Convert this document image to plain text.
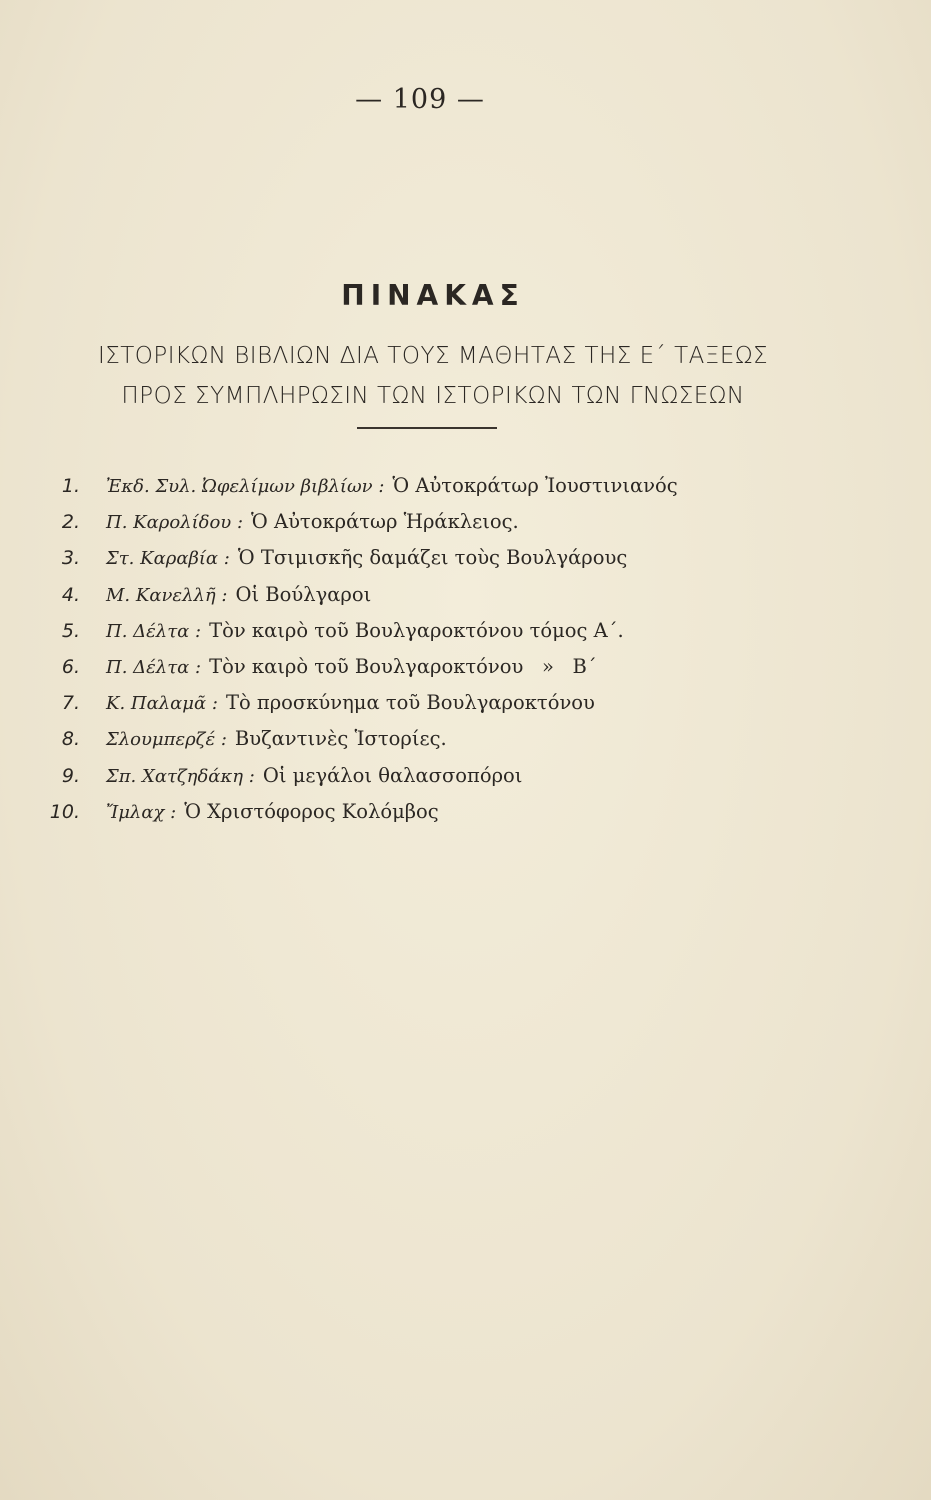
— 109 —
ΠΙΝΑΚΑΣ
ΙΣΤΟΡΙΚΩΝ ΒΙΒΛΙΩΝ ΔΙΑ ΤΟΥΣ ΜΑΘΗΤΑΣ ΤΗΣ Ε΄ ΤΑΞΕΩΣ
ΠΡΟΣ ΣΥΜΠΛΗΡΩΣΙΝ ΤΩΝ ΙΣΤΟΡΙΚΩΝ ΤΩΝ ΓΝΩΣΕΩΝ
1.	Ἐκδ. Συλ. Ὠφελίμων βιβλίων : Ὁ Αὐτοκράτωρ Ἰουστινιανός
2.	Π. Καρολίδου : Ὁ Αὐτοκράτωρ Ἡράκλειος.
3.	Στ. Καραβία : Ὁ Τσιμισκῆς δαμάζει τοὺς Βουλγάρους
4.	Μ. Κανελλῆ : Οἱ Βούλγαροι
5.	Π. Δέλτα : Τὸν καιρὸ τοῦ Βουλγαροκτόνου τόμος Α΄.
6.	Π. Δέλτα : Τὸν καιρὸ τοῦ Βουλγαροκτόνου   »   Β΄
7.	Κ. Παλαμᾶ : Τὸ προσκύνημα τοῦ Βουλγαροκτόνου
8.	Σλουμπερζέ : Βυζαντινὲς Ἱστορίες.
9.	Σπ. Χατζηδάκη : Οἱ μεγάλοι θαλασσοπόροι
10.	Ἴμλαχ : Ὁ Χριστόφορος Κολόμβος
